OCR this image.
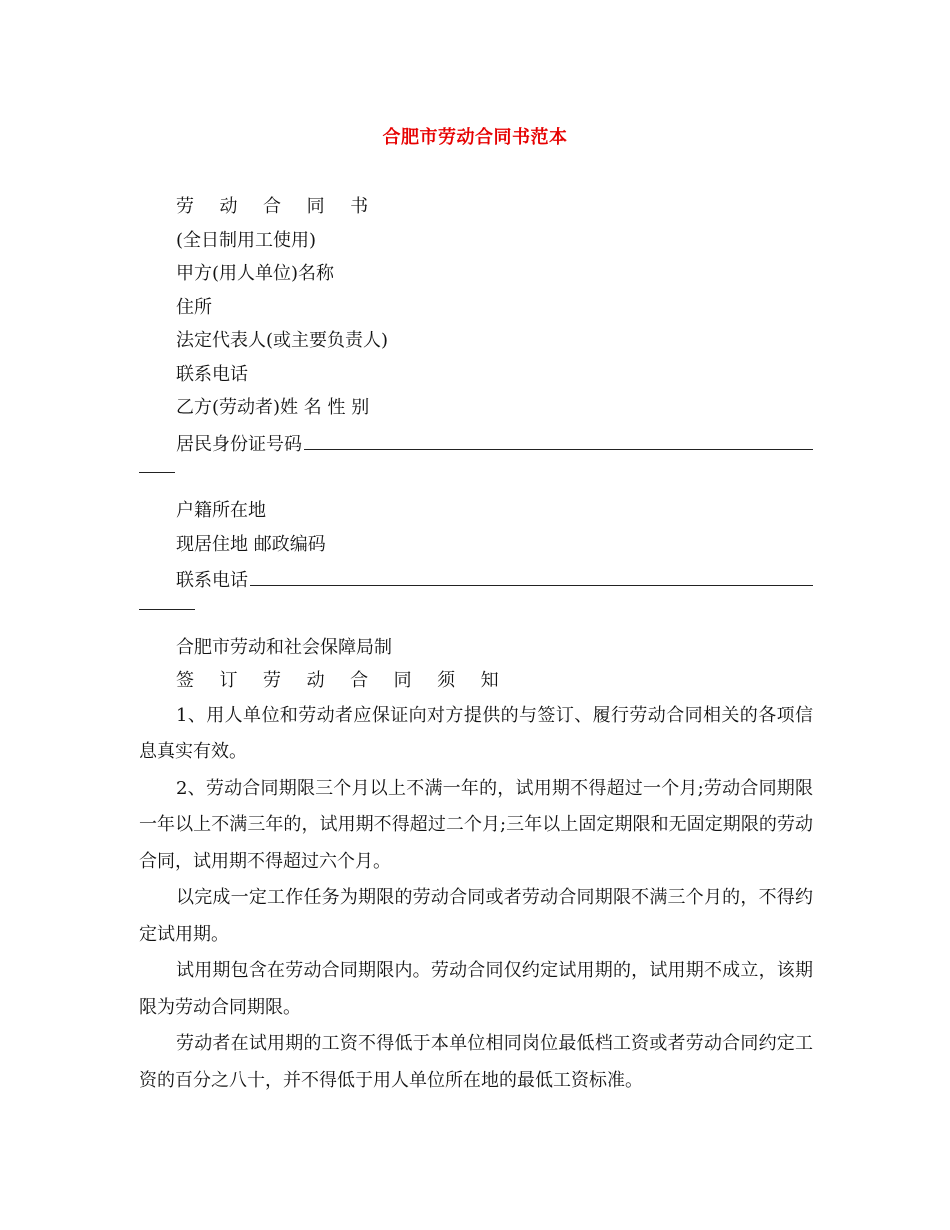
合肥市劳动合同书范本
劳 动 合 同 书
(全日制用工使用)
甲方(用人单位)名称
住所
法定代表人(或主要负责人)
联系电话
乙方(劳动者)姓 名 性 别
居民身份证号码
户籍所在地
现居住地 邮政编码
联系电话
合肥市劳动和社会保障局制
签 订 劳 动 合 同 须 知

1、用人单位和劳动者应保证向对方提供的与签订、履行劳动合同相关的各项信息真实有效。

2、劳动合同期限三个月以上不满一年的，试用期不得超过一个月;劳动合同期限一年以上不满三年的，试用期不得超过二个月;三年以上固定期限和无固定期限的劳动合同，试用期不得超过六个月。

以完成一定工作任务为期限的劳动合同或者劳动合同期限不满三个月的，不得约定试用期。

试用期包含在劳动合同期限内。劳动合同仅约定试用期的，试用期不成立，该期限为劳动合同期限。

劳动者在试用期的工资不得低于本单位相同岗位最低档工资或者劳动合同约定工资的百分之八十，并不得低于用人单位所在地的最低工资标准。
